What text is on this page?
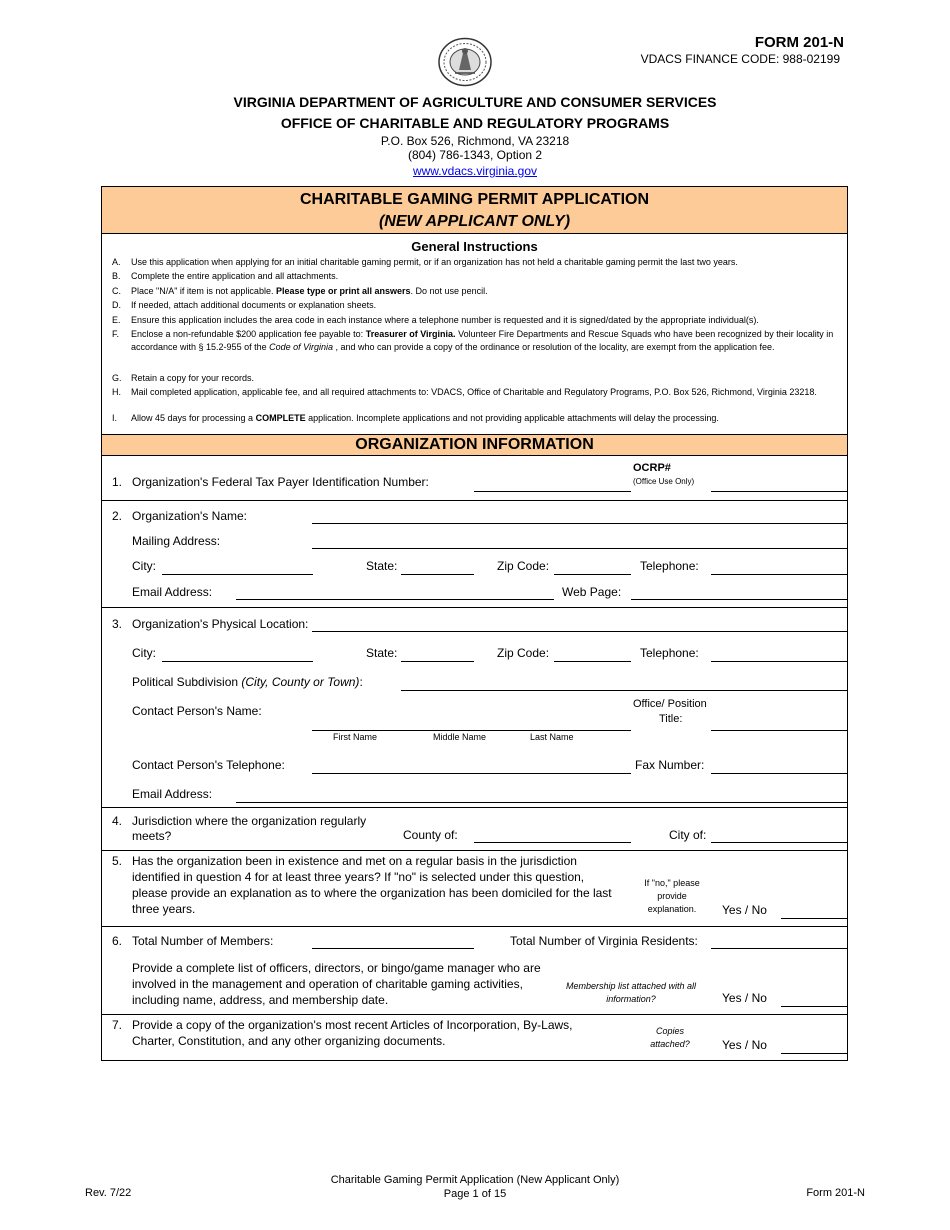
FORM 201-N
VDACS FINANCE CODE: 988-02199
VIRGINIA DEPARTMENT OF AGRICULTURE AND CONSUMER SERVICES
OFFICE OF CHARITABLE AND REGULATORY PROGRAMS
P.O. Box 526, Richmond, VA 23218
(804) 786-1343, Option 2
www.vdacs.virginia.gov
CHARITABLE GAMING PERMIT APPLICATION
(NEW APPLICANT ONLY)
General Instructions
A. Use this application when applying for an initial charitable gaming permit, or if an organization has not held a charitable gaming permit the last two years.
B. Complete the entire application and all attachments.
C. Place "N/A" if item is not applicable. Please type or print all answers. Do not use pencil.
D. If needed, attach additional documents or explanation sheets.
E. Ensure this application includes the area code in each instance where a telephone number is requested and it is signed/dated by the appropriate individual(s).
F. Enclose a non-refundable $200 application fee payable to: Treasurer of Virginia. Volunteer Fire Departments and Rescue Squads who have been recognized by their locality in accordance with § 15.2-955 of the Code of Virginia , and who can provide a copy of the ordinance or resolution of the locality, are exempt from the application fee.
G. Retain a copy for your records.
H. Mail completed application, applicable fee, and all required attachments to: VDACS, Office of Charitable and Regulatory Programs, P.O. Box 526, Richmond, Virginia 23218.
I. Allow 45 days for processing a COMPLETE application. Incomplete applications and not providing applicable attachments will delay the processing.
ORGANIZATION INFORMATION
1. Organization's Federal Tax Payer Identification Number:
OCRP#
(Office Use Only)
2. Organization's Name:
Mailing Address:
City:	State:	Zip Code:	Telephone:
Email Address:	Web Page:
3. Organization's Physical Location:
City:	State:	Zip Code:	Telephone:
Political Subdivision (City, County or Town):
Contact Person's Name:
First Name	Middle Name	Last Name
Office/ Position
Title:
Contact Person's Telephone:	Fax Number:
Email Address:
4. Jurisdiction where the organization regularly
meets?	County of:	City of:
5. Has the organization been in existence and met on a regular basis in the jurisdiction identified in question 4 for at least three years? If "no" is selected under this question, please provide an explanation as to where the organization has been domiciled for the last three years.
If "no," please provide explanation.	Yes / No
6. Total Number of Members:	Total Number of Virginia Residents:
Provide a complete list of officers, directors, or bingo/game manager who are involved in the management and operation of charitable gaming activities, including name, address, and membership date.
Membership list attached with all information?	Yes / No
7. Provide a copy of the organization's most recent Articles of Incorporation, By-Laws, Charter, Constitution, and any other organizing documents.
Copies attached?	Yes / No
Rev. 7/22
Charitable Gaming Permit Application (New Applicant Only)
Page 1 of 15	Form 201-N
